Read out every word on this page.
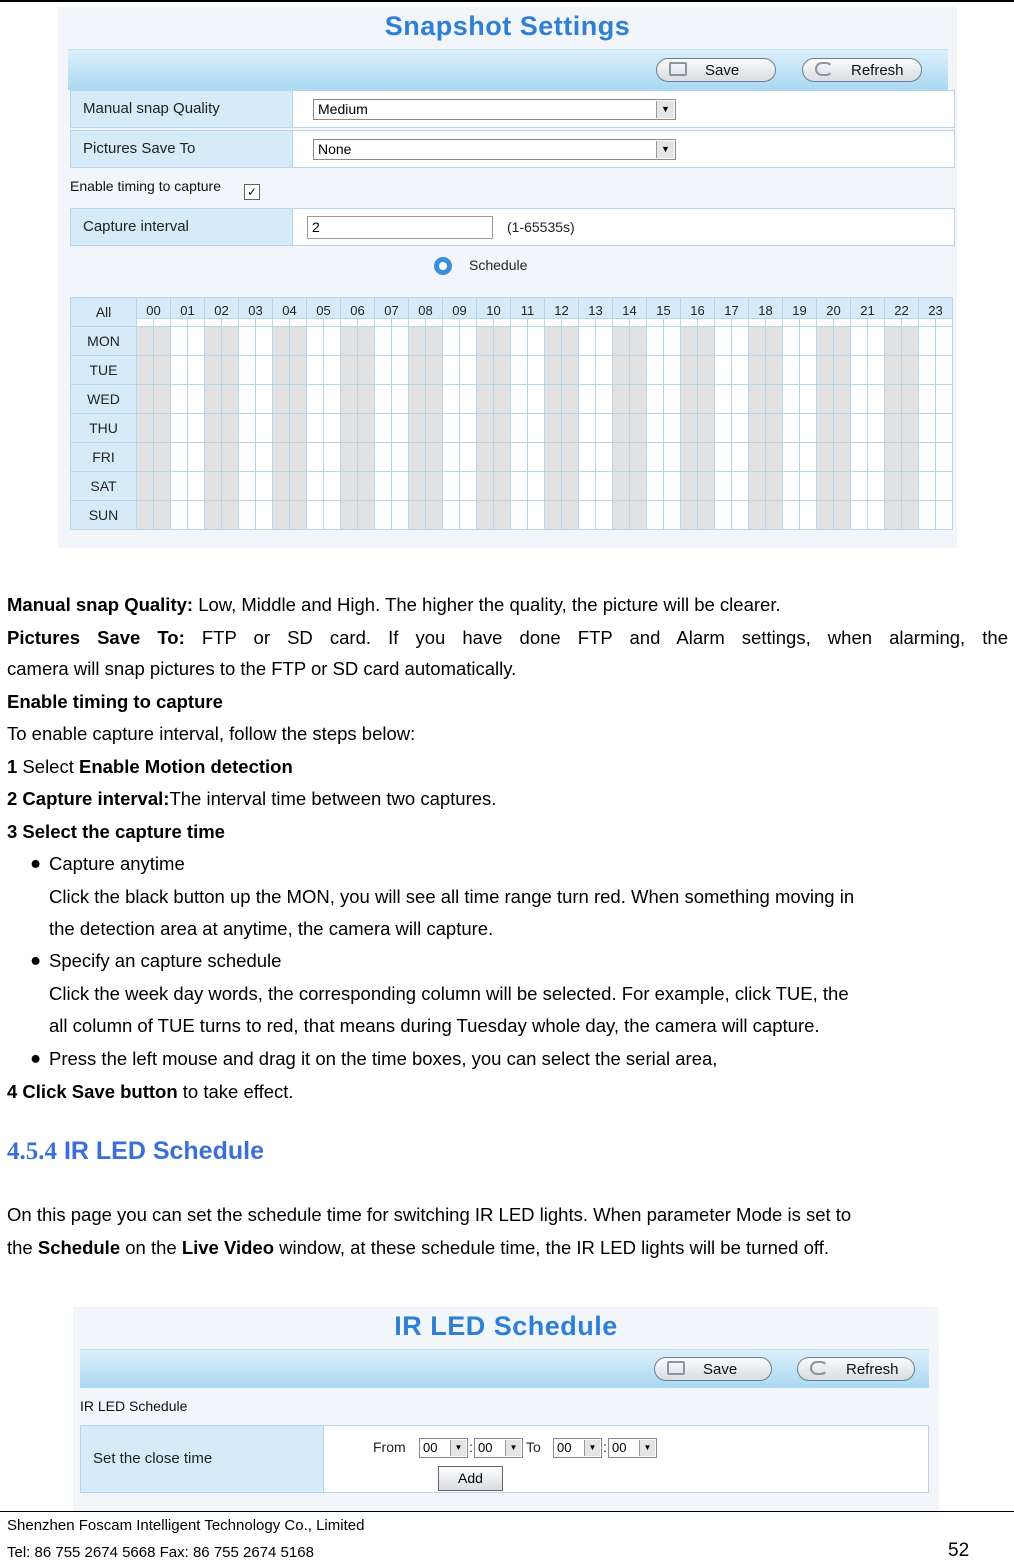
Snapshot Settings
Save	Refresh
Manual snap Quality	Medium	▼
Pictures Save To	None	▼
Enable timing to capture ✓
Capture interval	2	(1-65535s)
Schedule
All	00		01		02		03		04		05		06		07		08		09		10		11		12		13		14		15		16		17		18		19		20		21		22		23	

MON																																																
TUE																																																
WED																																																
THU																																																
FRI																																																
SAT																																																
SUN																																																
Manual snap Quality: Low, Middle and High. The higher the quality, the picture will be clearer.
Pictures Save To: FTP or SD card. If you have done FTP and Alarm settings, when alarming, the
camera will snap pictures to the FTP or SD card automatically.
Enable timing to capture
To enable capture interval, follow the steps below:
1 Select Enable Motion detection
2 Capture interval:The interval time between two captures.
3 Select the capture time
● Capture anytime
Click the black button up the MON, you will see all time range turn red. When something moving in
the detection area at anytime, the camera will capture.
● Specify an capture schedule
Click the week day words, the corresponding column will be selected. For example, click TUE, the
all column of TUE turns to red, that means during Tuesday whole day, the camera will capture.
● Press the left mouse and drag it on the time boxes, you can select the serial area,
4 Click Save button to take effect.
4.5.4 IR LED Schedule
On this page you can set the schedule time for switching IR LED lights. When parameter Mode is set to
the Schedule on the Live Video window, at these schedule time, the IR LED lights will be turned off.
IR LED Schedule
Save	Refresh
IR LED Schedule
Set the close time
From	00	▼ : 00	▼ To	00	▼ : 00	▼
Add
Shenzhen Foscam Intelligent Technology Co., Limited
Tel: 86 755 2674 5668 Fax: 86 755 2674 5168	52
